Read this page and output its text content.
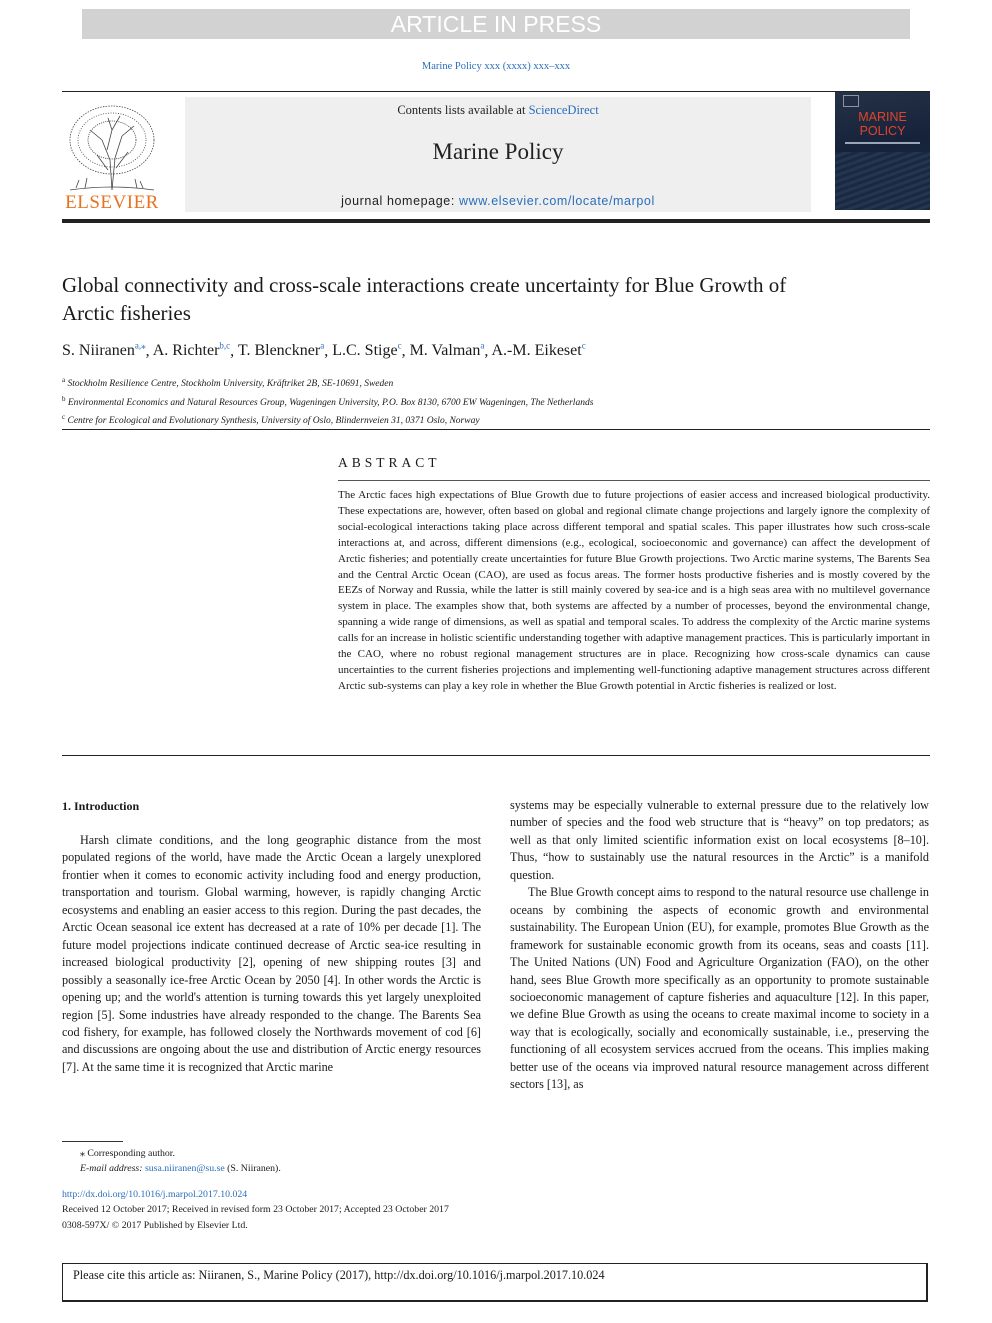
ARTICLE IN PRESS
Marine Policy xxx (xxxx) xxx–xxx
ELSEVIER
Contents lists available at ScienceDirect
Marine Policy
journal homepage: www.elsevier.com/locate/marpol
MARINE
POLICY
Global connectivity and cross-scale interactions create uncertainty for Blue Growth of Arctic fisheries
S. Niiranen$^{a,⁎}$, A. Richter$^{b,c}$, T. Blenckner$^a$, L.C. Stige$^c$, M. Valman$^a$, A.-M. Eikeset$^c$
$^a$ Stockholm Resilience Centre, Stockholm University, Kräftriket 2B, SE-10691, Sweden
$^b$ Environmental Economics and Natural Resources Group, Wageningen University, P.O. Box 8130, 6700 EW Wageningen, The Netherlands
$^c$ Centre for Ecological and Evolutionary Synthesis, University of Oslo, Blindernveien 31, 0371 Oslo, Norway
ABSTRACT
The Arctic faces high expectations of Blue Growth due to future projections of easier access and increased biological productivity. These expectations are, however, often based on global and regional climate change projections and largely ignore the complexity of social-ecological interactions taking place across different temporal and spatial scales. This paper illustrates how such cross-scale interactions at, and across, different dimensions (e.g., ecological, socioeconomic and governance) can affect the development of Arctic fisheries; and potentially create uncertainties for future Blue Growth projections. Two Arctic marine systems, The Barents Sea and the Central Arctic Ocean (CAO), are used as focus areas. The former hosts productive fisheries and is mostly covered by the EEZs of Norway and Russia, while the latter is still mainly covered by sea-ice and is a high seas area with no multilevel governance system in place. The examples show that, both systems are affected by a number of processes, beyond the environmental change, spanning a wide range of dimensions, as well as spatial and temporal scales. To address the complexity of the Arctic marine systems calls for an increase in holistic scientific understanding together with adaptive management practices. This is particularly important in the CAO, where no robust regional management structures are in place. Recognizing how cross-scale dynamics can cause uncertainties to the current fisheries projections and implementing well-functioning adaptive management structures across different Arctic sub-systems can play a key role in whether the Blue Growth potential in Arctic fisheries is realized or lost.
1. Introduction

Harsh climate conditions, and the long geographic distance from the most populated regions of the world, have made the Arctic Ocean a largely unexplored frontier when it comes to economic activity including food and energy production, transportation and tourism. Global warming, however, is rapidly changing Arctic ecosystems and enabling an easier access to this region. During the past decades, the Arctic Ocean seasonal ice extent has decreased at a rate of 10% per decade [1]. The future model projections indicate continued decrease of Arctic sea-ice resulting in increased biological productivity [2], opening of new shipping routes [3] and possibly a seasonally ice-free Arctic Ocean by 2050 [4]. In other words the Arctic is opening up; and the world's attention is turning towards this yet largely unexploited region [5]. Some industries have already responded to the change. The Barents Sea cod fishery, for example, has followed closely the Northwards movement of cod [6] and discussions are ongoing about the use and distribution of Arctic energy resources [7]. At the same time it is recognized that Arctic marine

systems may be especially vulnerable to external pressure due to the relatively low number of species and the food web structure that is “heavy” on top predators; as well as that only limited scientific information exist on local ecosystems [8–10]. Thus, “how to sustainably use the natural resources in the Arctic” is a manifold question.

The Blue Growth concept aims to respond to the natural resource use challenge in oceans by combining the aspects of economic growth and environmental sustainability. The European Union (EU), for example, promotes Blue Growth as the framework for sustainable economic growth from its oceans, seas and coasts [11]. The United Nations (UN) Food and Agriculture Organization (FAO), on the other hand, sees Blue Growth more specifically as an opportunity to promote sustainable socioeconomic management of capture fisheries and aquaculture [12]. In this paper, we define Blue Growth as using the oceans to create maximal income to society in a way that is ecologically, socially and economically sustainable, i.e., preserving the functioning of all ecosystem services accrued from the oceans. This implies making better use of the oceans via improved natural resource management across different sectors [13], as

⁎ Corresponding author.
E-mail address: susa.niiranen@su.se (S. Niiranen).
http://dx.doi.org/10.1016/j.marpol.2017.10.024
Received 12 October 2017; Received in revised form 23 October 2017; Accepted 23 October 2017
0308-597X/ © 2017 Published by Elsevier Ltd.
Please cite this article as: Niiranen, S., Marine Policy (2017), http://dx.doi.org/10.1016/j.marpol.2017.10.024
